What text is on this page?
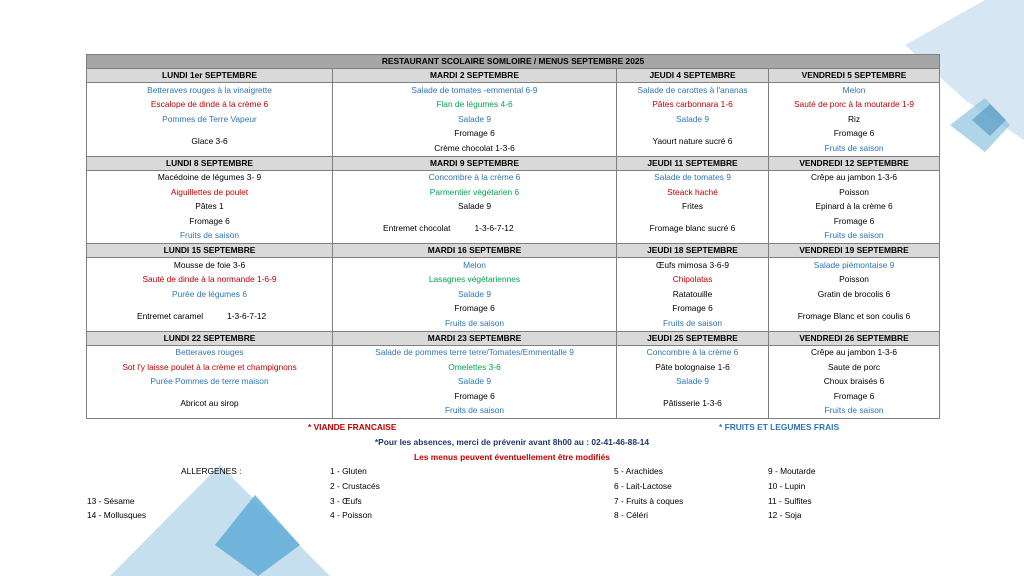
RESTAURANT SCOLAIRE SOMLOIRE / MENUS SEPTEMBRE 2025			
LUNDI 1er SEPTEMBRE	MARDI 2 SEPTEMBRE	JEUDI 4 SEPTEMBRE	VENDREDI 5 SEPTEMBRE
Betteraves rouges à la vinaigrette	Salade de tomates -emmental 6-9	Salade de carottes à l'ananas	Melon
Escalope de dinde à la crème 6	Flan de légumes 4-6	Pâtes carbonnara 1-6	Sauté de porc à la moutarde 1-9
Pommes de Terre Vapeur	Salade 9	Salade 9	Riz
Glace 3-6	Fromage 6	Yaourt nature sucré 6	Fromage 6
	Crème chocolat 1-3-6		Fruits de saison
LUNDI 8 SEPTEMBRE	MARDI 9 SEPTEMBRE	JEUDI 11 SEPTEMBRE	VENDREDI 12 SEPTEMBRE
Macédoine de légumes 3- 9	Concombre à la crème 6	Salade de tomates 9	Crêpe au jambon 1-3-6
Aiguillettes de poulet	Parmentier végétarien 6	Steack haché	Poisson
Pâtes 1	Salade 9	Frites	Epinard à la crème 6
Fromage 6	Entremet chocolat 1-3-6-7-12	Fromage blanc sucré 6	Fromage 6
Fruits de saison			Fruits de saison
LUNDI 15 SEPTEMBRE	MARDI 16 SEPTEMBRE	JEUDI 18 SEPTEMBRE	VENDREDI 19 SEPTEMBRE
Mousse de foie 3-6	Melon	Œufs mimosa 3-6-9	Salade piémontaise 9
Sauté de dinde à la normande 1-6-9	Lasagnes végétariennes	Chipolatas	Poisson
Purée de légumes 6	Salade 9	Ratatouille	Gratin de brocolis 6
Entremet caramel 1-3-6-7-12	Fromage 6	Fromage 6	Fromage Blanc et son coulis 6
	Fruits de saison	Fruits de saison	
LUNDI 22 SEPTEMBRE	MARDI 23 SEPTEMBRE	JEUDI 25 SEPTEMBRE	VENDREDI 26 SEPTEMBRE
Betteraves rouges	Salade de pommes terre terre/Tomates/Emmentalle 9	Concombre à la crème 6	Crêpe au jambon 1-3-6
Sot l'y laisse poulet à la crème et champignons	Omelettes 3-6	Pâte bolognaise 1-6	Saute de porc
Purée Pommes de terre maison	Salade 9	Salade 9	Choux braisés 6
Abricot au sirop	Fromage 6	Pâtisserie 1-3-6	Fromage 6
	Fruits de saison		Fruits de saison
* VIANDE FRANCAISE	* FRUITS ET LEGUMES FRAIS
*Pour les absences, merci de prévenir avant 8h00 au : 02-41-46-88-14
Les menus peuvent éventuellement être modifiés
ALLERGENES :	1 - Gluten
2 - Crustacés
3 - Œufs
4 - Poisson
5 - Arachides
6 - Lait-Lactose
7 - Fruits à coques
8 - Céléri
9 - Moutarde
10 - Lupin
11 - Sulfites
12 - Soja
13 - Sésame
14 - Mollusques
